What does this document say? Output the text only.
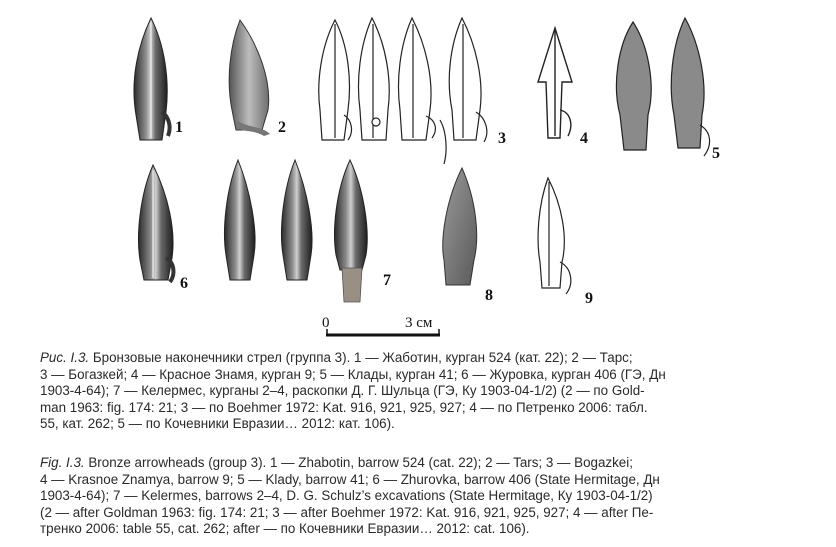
1	2
3	4
5
6	7
8	9
0	3 см

Рис. I.3. Бронзовые наконечники стрел (группа 3). 1 — Жаботин, курган 524 (кат. 22); 2 — Тарс;

3 — Богазкей; 4 — Красное Знамя, курган 9; 5 — Клады, курган 41; 6 — Журовка, курган 406 (ГЭ, Дн

1903-4-64); 7 — Келермес, курганы 2–4, раскопки Д. Г. Шульца (ГЭ, Ку 1903-04-1/2) (2 — по Gold-

man 1963: fig. 174: 21; 3 — по Boehmer 1972: Kat. 916, 921, 925, 927; 4 — по Петренко 2006: табл.

55, кат. 262; 5 — по Кочевники Евразии… 2012: кат. 106).

Fig. I.3. Bronze arrowheads (group 3). 1 — Zhabotin, barrow 524 (cat. 22); 2 — Tars; 3 — Bogazkei;

4 — Krasnoe Znamya, barrow 9; 5 — Klady, barrow 41; 6 — Zhurovka, barrow 406 (State Hermitage, Дн

1903-4-64); 7 — Kelermes, barrows 2–4, D. G. Schulz’s excavations (State Hermitage, Ку 1903-04-1/2)

(2 — after Goldman 1963: fig. 174: 21; 3 — after Boehmer 1972: Kat. 916, 921, 925, 927; 4 — after Пе-

тренко 2006: table 55, cat. 262; after — по Кочевники Евразии… 2012: cat. 106).
